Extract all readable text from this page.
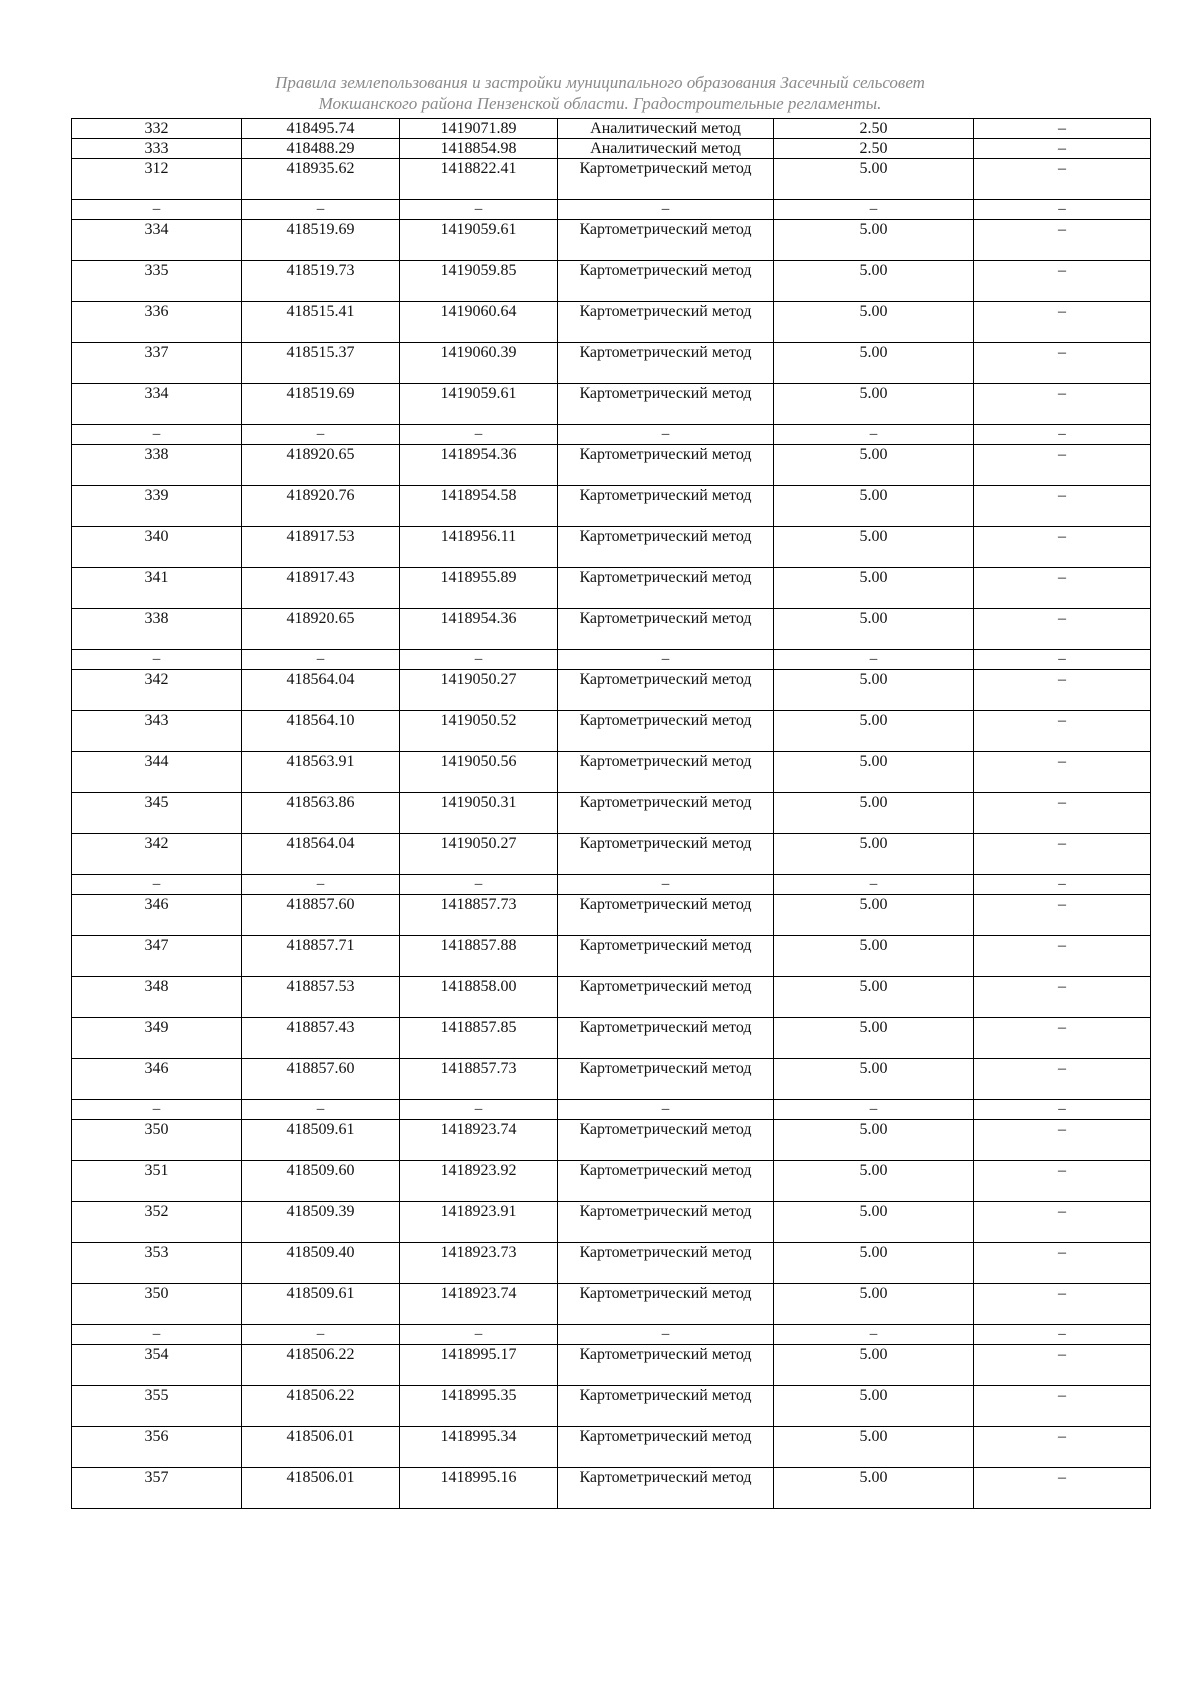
Правила землепользования и застройки муниципального образования Засечный сельсовет
Мокшанского района Пензенской области. Градостроительные регламенты.
332	418495.74	1419071.89	Аналитический метод	2.50	–
333	418488.29	1418854.98	Аналитический метод	2.50	–
312	418935.62	1418822.41	Картометрический метод	5.00	–
–	–	–	–	–	–
334	418519.69	1419059.61	Картометрический метод	5.00	–
335	418519.73	1419059.85	Картометрический метод	5.00	–
336	418515.41	1419060.64	Картометрический метод	5.00	–
337	418515.37	1419060.39	Картометрический метод	5.00	–
334	418519.69	1419059.61	Картометрический метод	5.00	–
–	–	–	–	–	–
338	418920.65	1418954.36	Картометрический метод	5.00	–
339	418920.76	1418954.58	Картометрический метод	5.00	–
340	418917.53	1418956.11	Картометрический метод	5.00	–
341	418917.43	1418955.89	Картометрический метод	5.00	–
338	418920.65	1418954.36	Картометрический метод	5.00	–
–	–	–	–	–	–
342	418564.04	1419050.27	Картометрический метод	5.00	–
343	418564.10	1419050.52	Картометрический метод	5.00	–
344	418563.91	1419050.56	Картометрический метод	5.00	–
345	418563.86	1419050.31	Картометрический метод	5.00	–
342	418564.04	1419050.27	Картометрический метод	5.00	–
–	–	–	–	–	–
346	418857.60	1418857.73	Картометрический метод	5.00	–
347	418857.71	1418857.88	Картометрический метод	5.00	–
348	418857.53	1418858.00	Картометрический метод	5.00	–
349	418857.43	1418857.85	Картометрический метод	5.00	–
346	418857.60	1418857.73	Картометрический метод	5.00	–
–	–	–	–	–	–
350	418509.61	1418923.74	Картометрический метод	5.00	–
351	418509.60	1418923.92	Картометрический метод	5.00	–
352	418509.39	1418923.91	Картометрический метод	5.00	–
353	418509.40	1418923.73	Картометрический метод	5.00	–
350	418509.61	1418923.74	Картометрический метод	5.00	–
–	–	–	–	–	–
354	418506.22	1418995.17	Картометрический метод	5.00	–
355	418506.22	1418995.35	Картометрический метод	5.00	–
356	418506.01	1418995.34	Картометрический метод	5.00	–
357	418506.01	1418995.16	Картометрический метод	5.00	–
